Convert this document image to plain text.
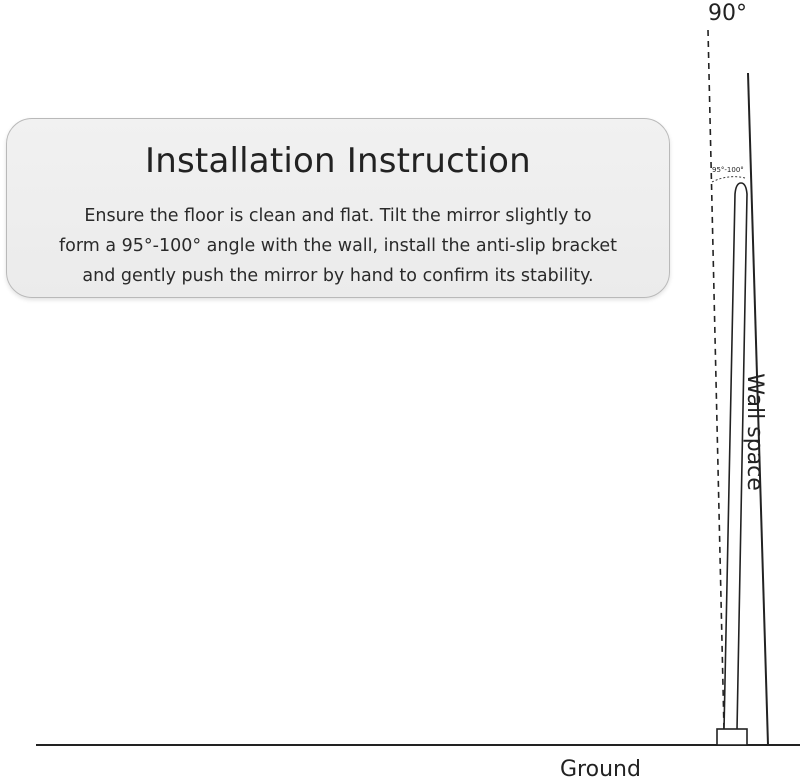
Installation Instruction
Ensure the floor is clean and flat. Tilt the mirror slightly to
form a 95°-100° angle with the wall, install the anti-slip bracket
and gently push the mirror by hand to confirm its stability.
90°
95°-100°
Wall space
Ground
